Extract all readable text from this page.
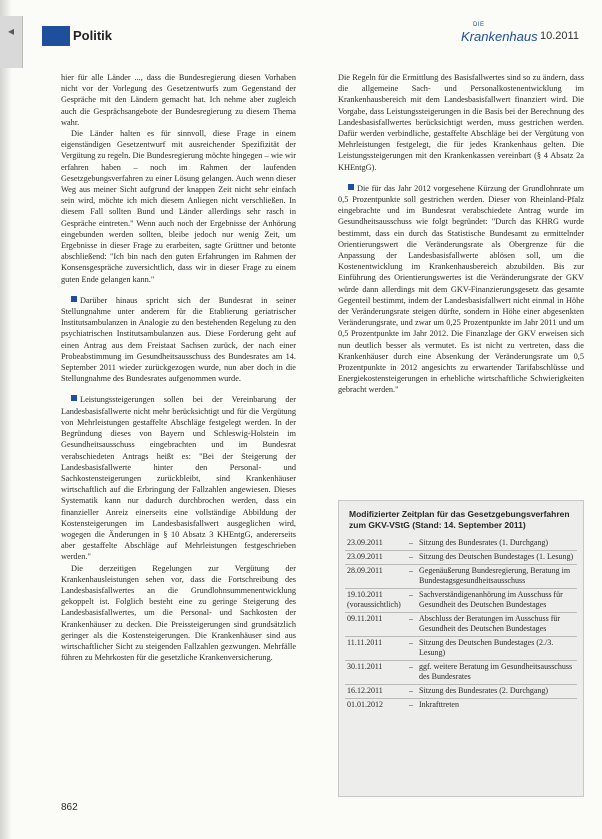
◂	Politik
DIE
Krankenhaus 10.2011

hier für alle Länder ..., dass die Bundesregierung diesen Vorhaben nicht vor der Vorlegung des Gesetzentwurfs zum Gegenstand der Gespräche mit den Ländern gemacht hat. Ich nehme aber zugleich auch die Gesprächsangebote der Bundesregierung zu diesem Thema wahr.

Die Länder halten es für sinnvoll, diese Frage in einem eigenständigen Gesetzentwurf mit ausreichender Spezifizität der Vergütung zu regeln. Die Bundesregierung möchte hingegen – wie wir erfahren haben – noch im Rahmen der laufenden Gesetzgebungsverfahren zu einer Lösung gelangen. Auch wenn dieser Weg aus meiner Sicht aufgrund der knappen Zeit nicht sehr einfach sein wird, möchte ich mich diesem Anliegen nicht verschließen. In diesem Fall sollten Bund und Länder allerdings sehr rasch in Gespräche eintreten." Wenn auch noch der Ergebnisse der Anhörung eingebunden werden sollten, bleibe jedoch nur wenig Zeit, um Ergebnisse in dieser Frage zu erarbeiten, sagte Grüttner und betonte abschließend: "Ich bin nach den guten Erfahrungen im Rahmen der Konsensgespräche zuversichtlich, dass wir in dieser Frage zu einem guten Ende gelangen kann."

Darüber hinaus spricht sich der Bundesrat in seiner Stellungnahme unter anderem für die Etablierung geriatrischer Institutsambulanzen in Analogie zu den bestehenden Regelung zu den psychiatrischen Institutsambulanzen aus. Diese Forderung geht auf einen Antrag aus dem Freistaat Sachsen zurück, der nach einer Probeabstimmung im Gesundheitsausschuss des Bundesrates am 14. September 2011 wieder zurückgezogen wurde, nun aber doch in die Stellungnahme des Bundesrates aufgenommen wurde.

Leistungssteigerungen sollen bei der Vereinbarung der Landesbasisfallwerte nicht mehr berücksichtigt und für die Vergütung von Mehrleistungen gestaffelte Abschläge festgelegt werden. In der Begründung dieses von Bayern und Schleswig-Holstein im Gesundheitsausschuss eingebrachten und im Bundesrat verabschiedeten Antrags heißt es: "Bei der Steigerung der Landesbasisfallwerte hinter den Personal- und Sachkostensteigerungen zurückbleibt, sind Krankenhäuser wirtschaftlich auf die Erbringung der Fallzahlen angewiesen. Dieses Systematik kann nur dadurch durchbrochen werden, dass ein finanzieller Anreiz einerseits eine vollständige Abbildung der Kostensteigerungen im Landesbasisfallwert ausgeglichen wird, wogegen die Änderungen in § 10 Absatz 3 KHEntgG, andererseits aber gestaffelte Abschläge auf Mehrleistungen festgeschrieben werden."

Die derzeitigen Regelungen zur Vergütung der Krankenhausleistungen sehen vor, dass die Fortschreibung des Landesbasisfallwertes an die Grundlohnsummenentwicklung gekoppelt ist. Folglich besteht eine zu geringe Steigerung des Landesbasisfallwertes, um die Personal- und Sachkosten der Krankenhäuser zu decken. Die Preissteigerungen sind grundsätzlich geringer als die Kostensteigerungen. Die Krankenhäuser sind aus wirtschaftlicher Sicht zu steigenden Fallzahlen gezwungen. Mehrfälle führen zu Mehrkosten für die gesetzliche Krankenversicherung.

Die Regeln für die Ermittlung des Basisfallwertes sind so zu ändern, dass die allgemeine Sach- und Personalkostenentwicklung im Krankenhausbereich mit dem Landesbasisfallwert finanziert wird. Die Vorgabe, dass Leistungssteigerungen in die Basis bei der Berechnung des Landesbasisfallwertes berücksichtigt werden, muss gestrichen werden. Dafür werden verbindliche, gestaffelte Abschläge bei der Vergütung von Mehrleistungen festgelegt, die für jedes Krankenhaus gelten. Die Leistungssteigerungen mit den Krankenkassen vereinbart (§ 4 Absatz 2a KHEntgG).

Die für das Jahr 2012 vorgesehene Kürzung der Grundlohnrate um 0,5 Prozentpunkte soll gestrichen werden. Dieser von Rheinland-Pfalz eingebrachte und im Bundesrat verabschiedete Antrag wurde im Gesundheitsausschuss wie folgt begründet: "Durch das KHRG wurde bestimmt, dass ein durch das Statistische Bundesamt zu ermittelnder Orientierungswert die Veränderungsrate als Obergrenze für die Anpassung der Landesbasisfallwerte ablösen soll, um die Kostenentwicklung im Krankenhausbereich abzubilden. Bis zur Einführung des Orientierungswertes ist die Veränderungsrate der GKV würde dann allerdings mit dem GKV-Finanzierungsgesetz das gesamte Gegenteil bestimmt, indem der Landesbasisfallwert nicht einmal in Höhe der Veränderungsrate steigen dürfte, sondern in Höhe einer abgesenkten Veränderungsrate, und zwar um 0,25 Prozentpunkte im Jahr 2011 und um 0,5 Prozentpunkte im Jahr 2012. Die Finanzlage der GKV erweisen sich nun deutlich besser als vermutet. Es ist nicht zu vertreten, dass die Krankenhäuser durch eine Absenkung der Veränderungsrate um 0,5 Prozentpunkte in 2012 angesichts zu erwartender Tarifabschlüsse und Energiekostensteigerungen in erhebliche wirtschaftliche Schwierigkeiten gebracht werden."

Modifizierter Zeitplan für das Gesetzgebungsverfahren zum GKV-VStG (Stand: 14. September 2011)
23.09.2011	–	Sitzung des Bundesrates (1. Durchgang)
23.09.2011	–	Sitzung des Deutschen Bundestages (1. Lesung)
28.09.2011	–	Gegenäußerung Bundesregierung, Beratung im Bundestagsgesundheitsausschuss
19.10.2011 (voraussichtlich)	–	Sachverständigenanhörung im Ausschuss für Gesundheit des Deutschen Bundestages
09.11.2011	–	Abschluss der Beratungen im Ausschuss für Gesundheit des Deutschen Bundestages
11.11.2011	–	Sitzung des Deutschen Bundestages (2./3. Lesung)
30.11.2011	–	ggf. weitere Beratung im Gesundheitsausschuss des Bundesrates
16.12.2011	–	Sitzung des Bundesrates (2. Durchgang)
01.01.2012	–	Inkrafttreten
862
